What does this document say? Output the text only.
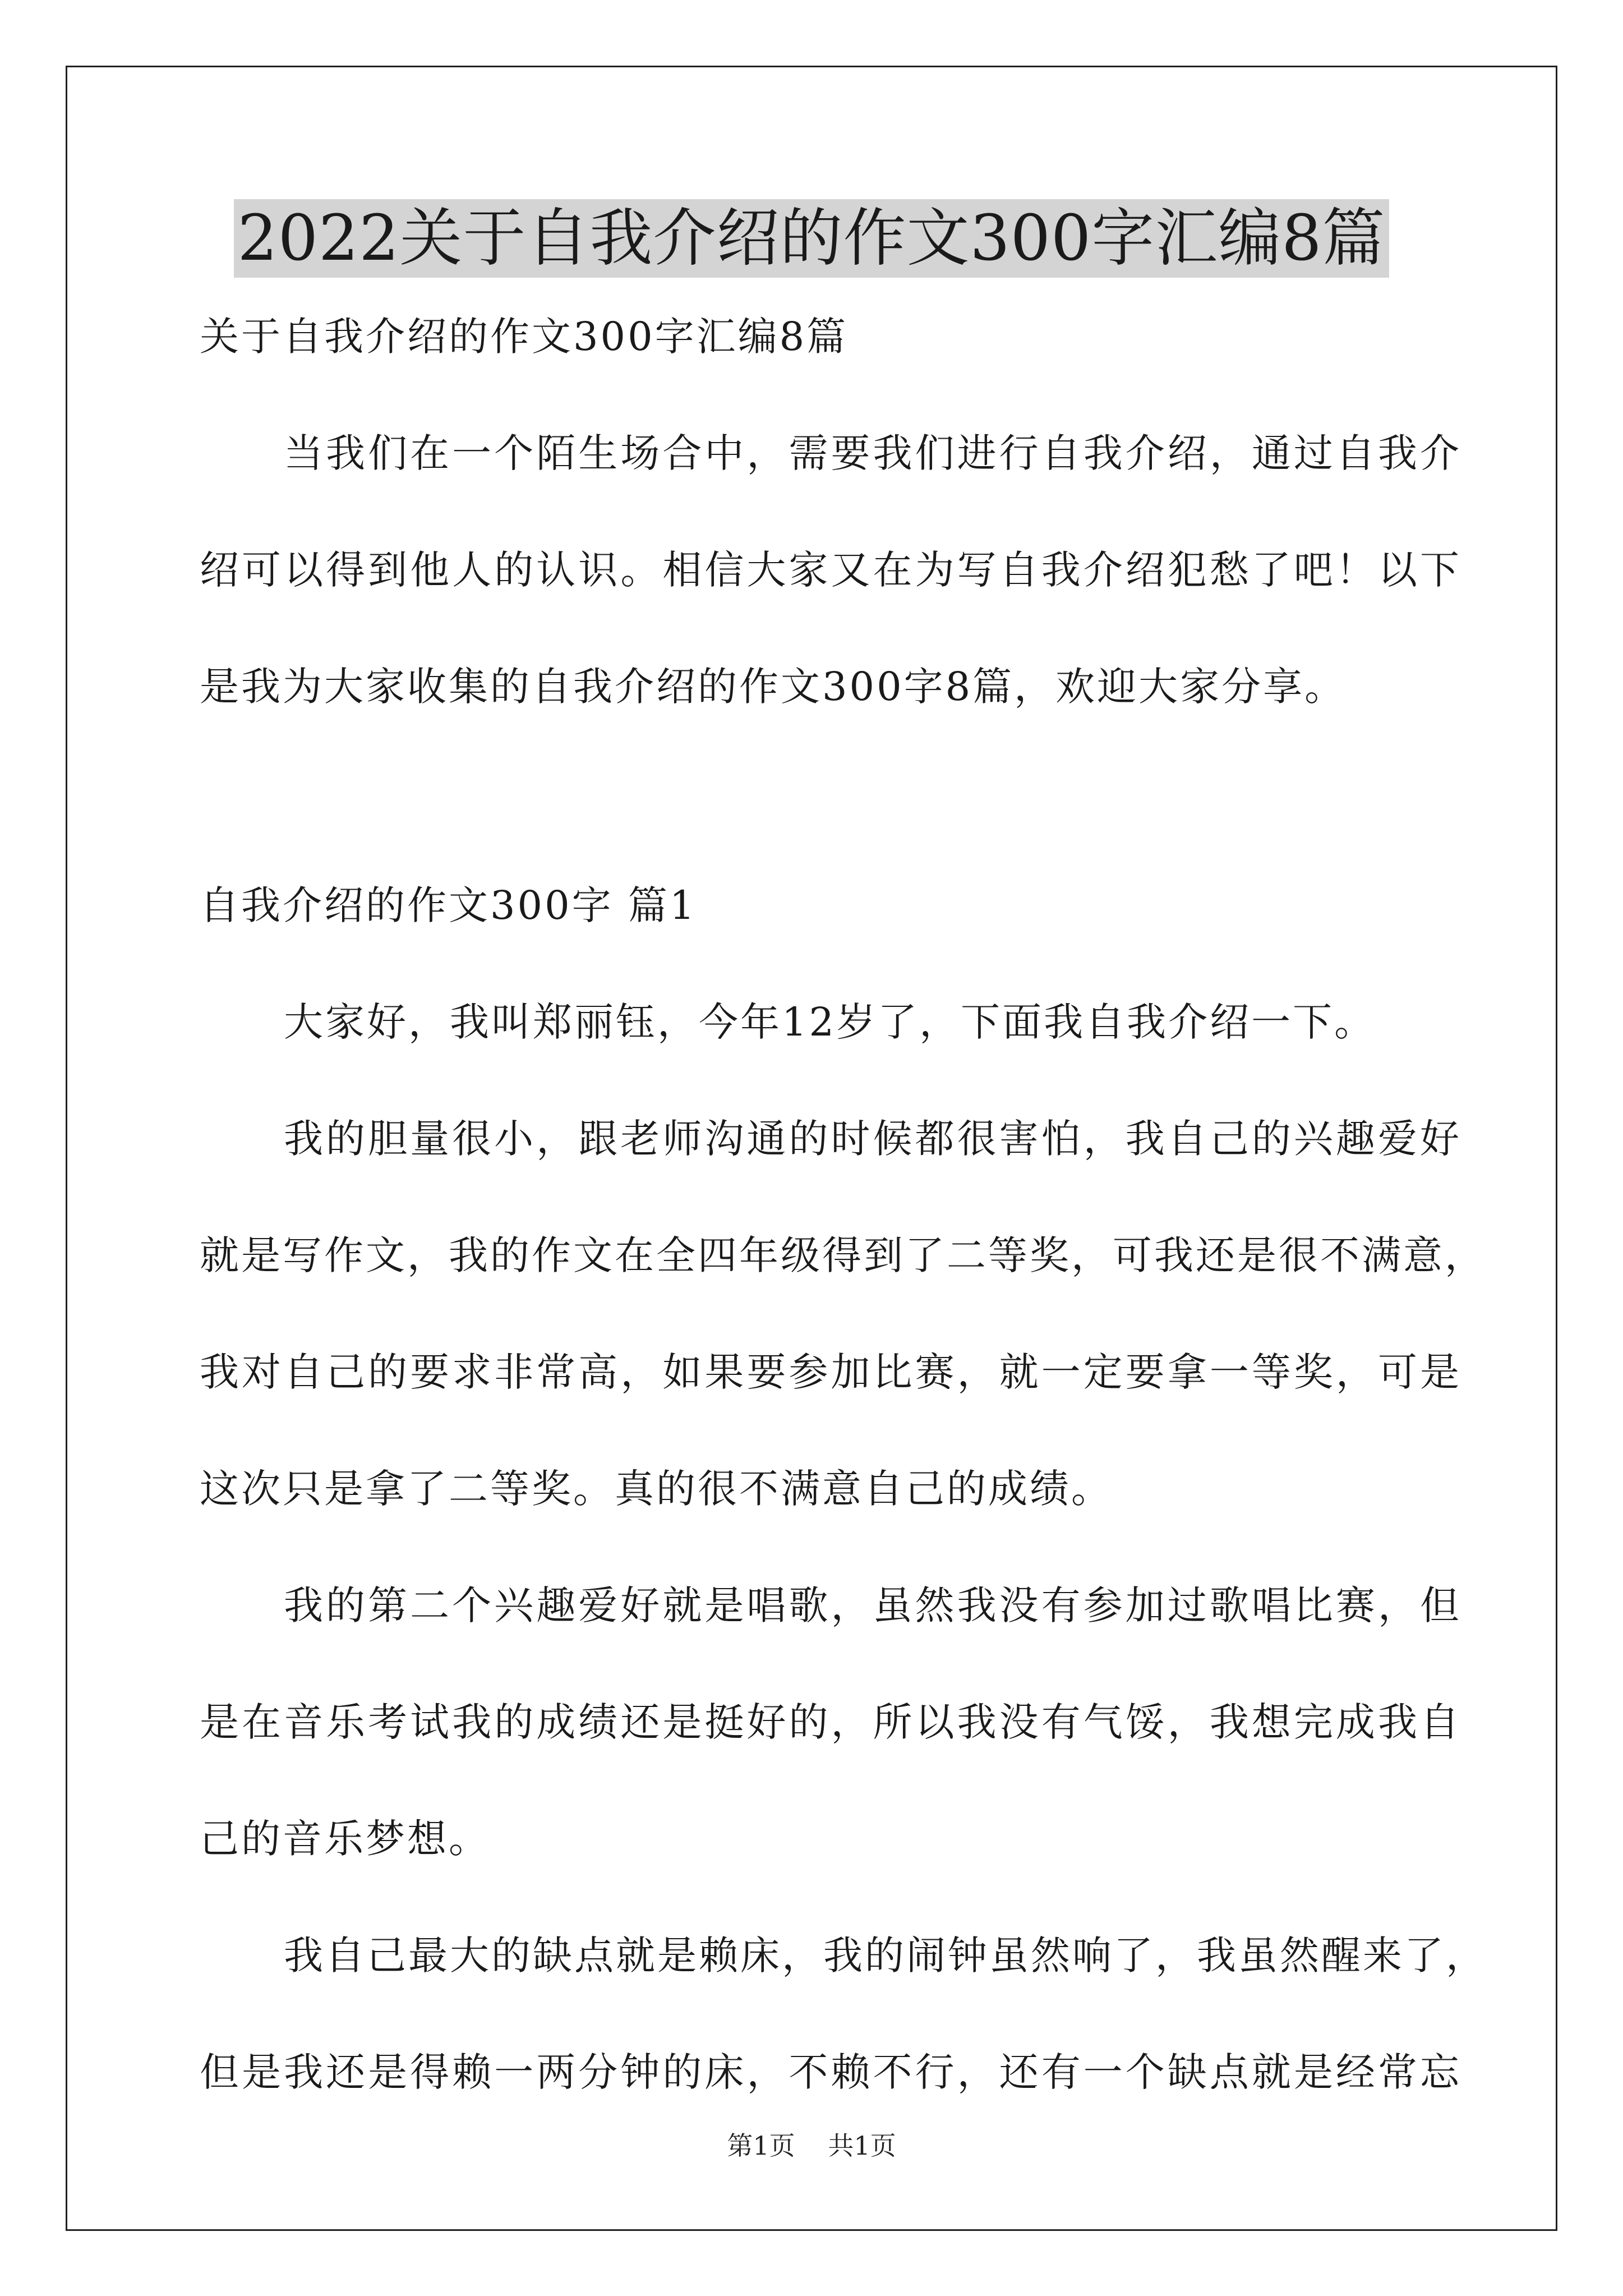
2022关于自我介绍的作文300字汇编8篇
关于自我介绍的作文300字汇编8篇
当我们在一个陌生场合中，需要我们进行自我介绍，通过自我介
绍可以得到他人的认识。相信大家又在为写自我介绍犯愁了吧！以下
是我为大家收集的自我介绍的作文300字8篇，欢迎大家分享。
自我介绍的作文300字 篇1
大家好，我叫郑丽钰，今年12岁了，下面我自我介绍一下。
我的胆量很小，跟老师沟通的时候都很害怕，我自己的兴趣爱好
就是写作文，我的作文在全四年级得到了二等奖，可我还是很不满意，
我对自己的要求非常高，如果要参加比赛，就一定要拿一等奖，可是
这次只是拿了二等奖。真的很不满意自己的成绩。
我的第二个兴趣爱好就是唱歌，虽然我没有参加过歌唱比赛，但
是在音乐考试我的成绩还是挺好的，所以我没有气馁，我想完成我自
己的音乐梦想。
我自己最大的缺点就是赖床，我的闹钟虽然响了，我虽然醒来了，
但是我还是得赖一两分钟的床，不赖不行，还有一个缺点就是经常忘
第1页 共1页
